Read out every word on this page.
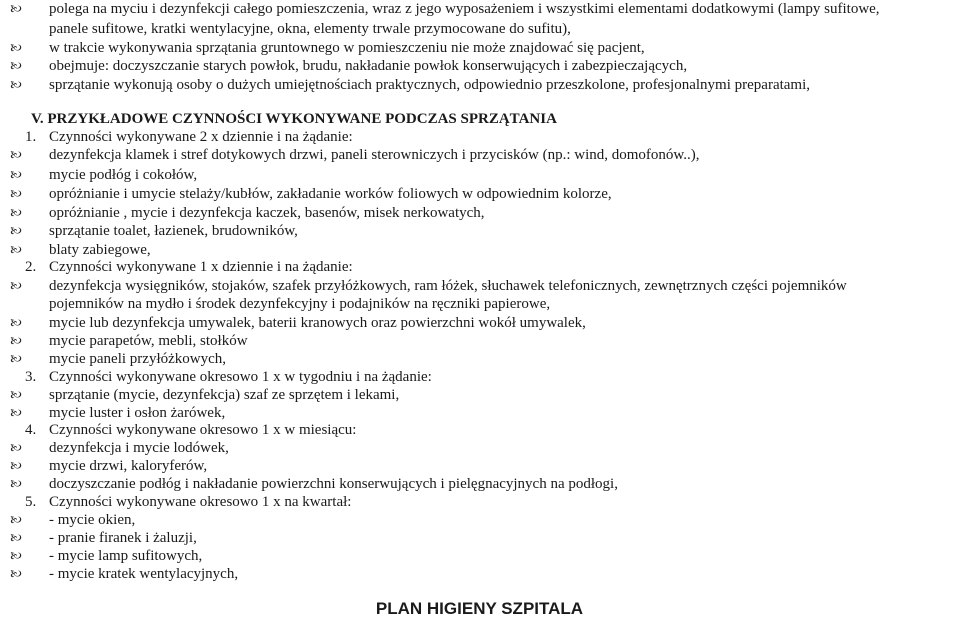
🙠	polega na myciu i dezynfekcji całego pomieszczenia, wraz z jego wyposażeniem i wszystkimi elementami dodatkowymi (lampy sufitowe,
panele sufitowe, kratki wentylacyjne, okna, elementy trwale przymocowane do sufitu),
🙠	w trakcie wykonywania sprzątania gruntownego w pomieszczeniu nie może znajdować się pacjent,
🙠	obejmuje: doczyszczanie starych powłok, brudu, nakładanie powłok konserwujących i zabezpieczających,
🙠	sprzątanie wykonują osoby o dużych umiejętnościach praktycznych, odpowiednio przeszkolone, profesjonalnymi preparatami,
V. PRZYKŁADOWE CZYNNOŚCI WYKONYWANE PODCZAS SPRZĄTANIA
1. Czynności wykonywane 2 x dziennie i na żądanie:
🙠	dezynfekcja klamek i stref dotykowych drzwi, paneli sterowniczych i przycisków (np.: wind, domofonów..),
🙠	mycie podłóg i cokołów,
🙠	opróżnianie i umycie stelaży/kubłów, zakładanie worków foliowych w odpowiednim kolorze,
🙠	opróżnianie , mycie i dezynfekcja kaczek, basenów, misek nerkowatych,
🙠	sprzątanie toalet, łazienek, brudowników,
🙠	blaty zabiegowe,
2. Czynności wykonywane 1 x dziennie i na żądanie:
🙠	dezynfekcja wysięgników, stojaków, szafek przyłóżkowych, ram łóżek, słuchawek telefonicznych, zewnętrznych części pojemników
pojemników na mydło i środek dezynfekcyjny i podajników na ręczniki papierowe,
🙠	mycie lub dezynfekcja umywalek, baterii kranowych oraz powierzchni wokół umywalek,
🙠	mycie parapetów, mebli, stołków
🙠	mycie paneli przyłóżkowych,
3. Czynności wykonywane okresowo 1 x w tygodniu i na żądanie:
🙠	sprzątanie (mycie, dezynfekcja) szaf ze sprzętem i lekami,
🙠	mycie luster i osłon żarówek,
4. Czynności wykonywane okresowo 1 x w miesiącu:
🙠	dezynfekcja i mycie lodówek,
🙠	mycie drzwi, kaloryferów,
🙠	doczyszczanie podłóg i nakładanie powierzchni konserwujących i pielęgnacyjnych na podłogi,
5. Czynności wykonywane okresowo 1 x na kwartał:
🙠	- mycie okien,
🙠	- pranie firanek i żaluzji,
🙠	- mycie lamp sufitowych,
🙠	- mycie kratek wentylacyjnych,
PLAN HIGIENY SZPITALA
